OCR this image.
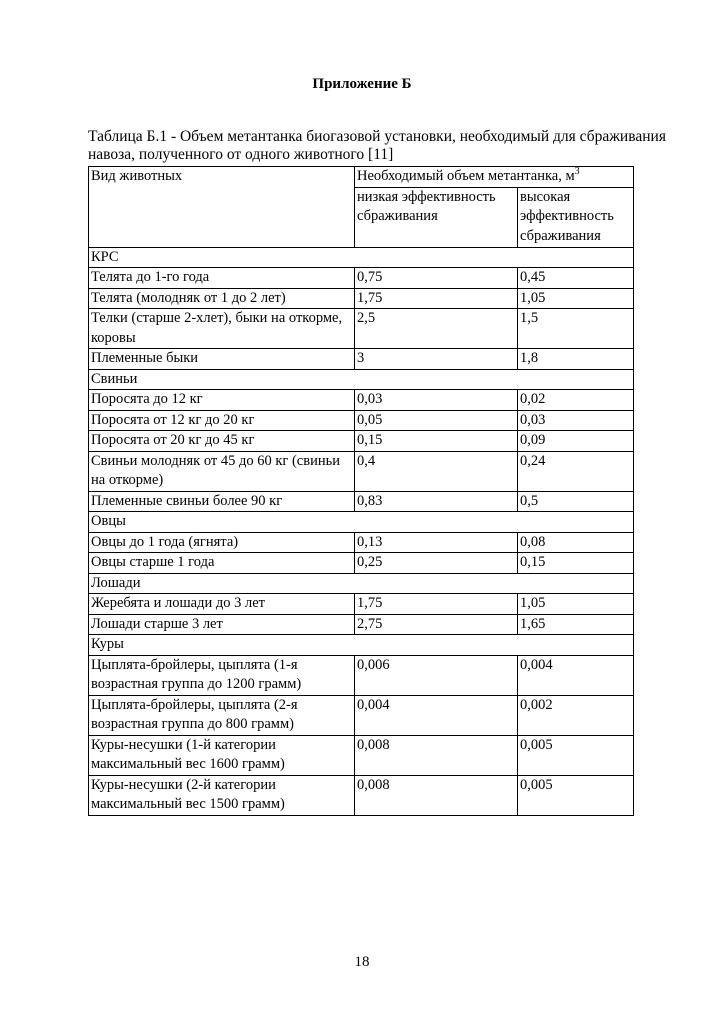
Приложение Б
Таблица Б.1 - Объем метантанка биогазовой установки, необходимый для сбраживания навоза, полученного от одного животного [11]
Вид животных	Необходимый объем метантанка, $м^3$
	низкая эффективность сбраживания	высокая эффективность сбраживания
КРС		
Телята до 1-го года	0,75	0,45
Телята (молодняк от 1 до 2 лет)	1,75	1,05
Телки (старше 2-хлет), быки на откорме, коровы	2,5	1,5
Племенные быки	3	1,8
Свиньи		
Поросята до 12 кг	0,03	0,02
Поросята от 12 кг до 20 кг	0,05	0,03
Поросята от 20 кг до 45 кг	0,15	0,09
Свиньи молодняк от 45 до 60 кг (свиньи на откорме)	0,4	0,24
Племенные свиньи более 90 кг	0,83	0,5
Овцы		
Овцы до 1 года (ягнята)	0,13	0,08
Овцы старше 1 года	0,25	0,15
Лошади		
Жеребята и лошади до 3 лет	1,75	1,05
Лошади старше 3 лет	2,75	1,65
Куры		
Цыплята-бройлеры, цыплята (1-я возрастная группа до 1200 грамм)	0,006	0,004
Цыплята-бройлеры, цыплята (2-я возрастная группа до 800 грамм)	0,004	0,002
Куры-несушки (1-й категории максимальный вес 1600 грамм)	0,008	0,005
Куры-несушки (2-й категории максимальный вес 1500 грамм)	0,008	0,005
18
